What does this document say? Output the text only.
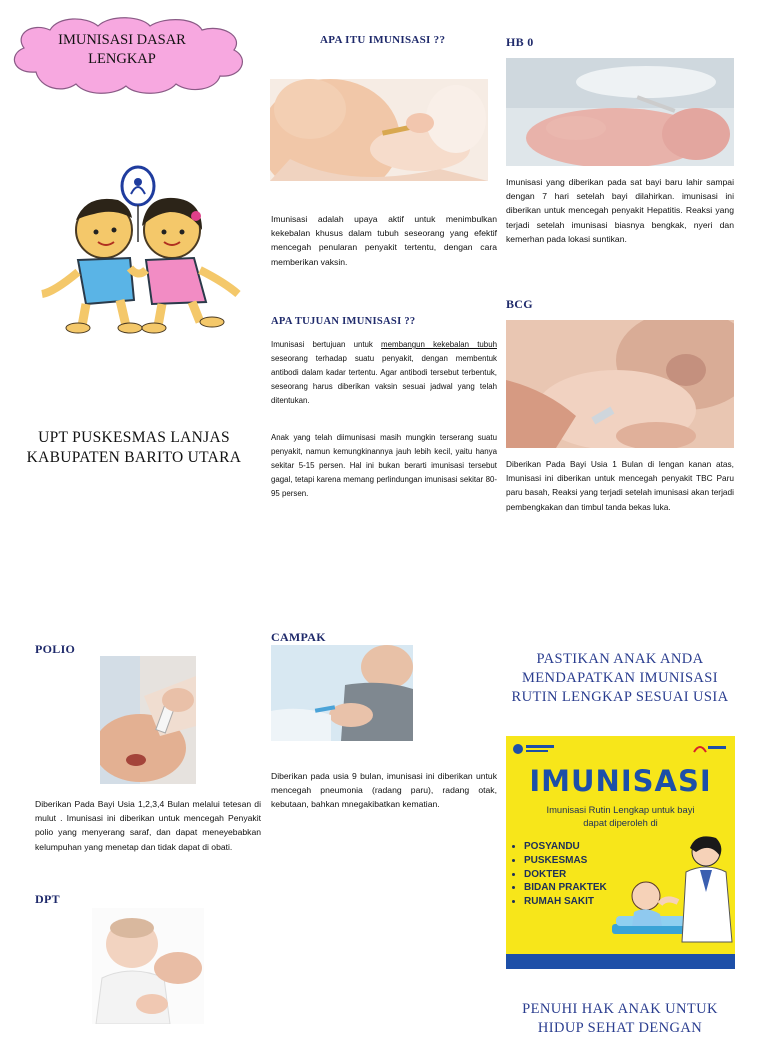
IMUNISASI DASAR LENGKAP
UPT PUSKESMAS LANJAS
KABUPATEN BARITO UTARA
APA ITU IMUNISASI ??
Imunisasi adalah upaya aktif untuk menimbulkan kekebalan khusus dalam tubuh seseorang yang efektif mencegah penularan penyakit tertentu, dengan cara memberikan vaksin.
APA TUJUAN IMUNISASI ??
Imunisasi bertujuan untuk membangun kekebalan tubuh seseorang terhadap suatu penyakit, dengan membentuk antibodi dalam kadar tertentu. Agar antibodi tersebut terbentuk, seseorang harus diberikan vaksin sesuai jadwal yang telah ditentukan.
Anak yang telah diimunisasi masih mungkin terserang suatu penyakit, namun kemungkinannya jauh lebih kecil, yaitu hanya sekitar 5-15 persen. Hal ini bukan berarti imunisasi tersebut gagal, tetapi karena memang perlindungan imunisasi sekitar 80-95 persen.
HB 0
Imunisasi yang diberikan pada sat bayi baru lahir sampai dengan 7 hari setelah bayi dilahirkan. imunisasi ini diberikan untuk mencegah penyakit Hepatitis. Reaksi yang terjadi setelah imunisasi biasnya bengkak, nyeri dan kemerhan pada lokasi suntikan.
BCG
Diberikan Pada Bayi Usia 1 Bulan di lengan kanan atas, Imunisasi ini diberikan untuk mencegah penyakit TBC Paru paru basah, Reaksi yang terjadi setelah imunisasi akan terjadi pembengkakan dan timbul tanda bekas luka.
POLIO
Diberikan Pada Bayi Usia 1,2,3,4 Bulan melalui tetesan di mulut . Imunisasi ini diberikan untuk mencegah Penyakit polio yang menyerang saraf, dan dapat meneyebabkan kelumpuhan yang menetap dan tidak dapat di obati.
DPT
CAMPAK
Diberikan pada usia 9 bulan, imunisasi ini diberikan untuk mencegah pneumonia (radang paru), radang otak, kebutaan, bahkan mnegakibatkan kematian.
PASTIKAN ANAK ANDA
MENDAPATKAN IMUNISASI
RUTIN LENGKAP SESUAI USIA
IMUNISASI
Imunisasi Rutin Lengkap untuk bayi
dapat diperoleh di
• POSYANDU
• PUSKESMAS
• DOKTER
• BIDAN PRAKTEK
• RUMAH SAKIT
PENUHI HAK ANAK UNTUK
HIDUP SEHAT DENGAN
